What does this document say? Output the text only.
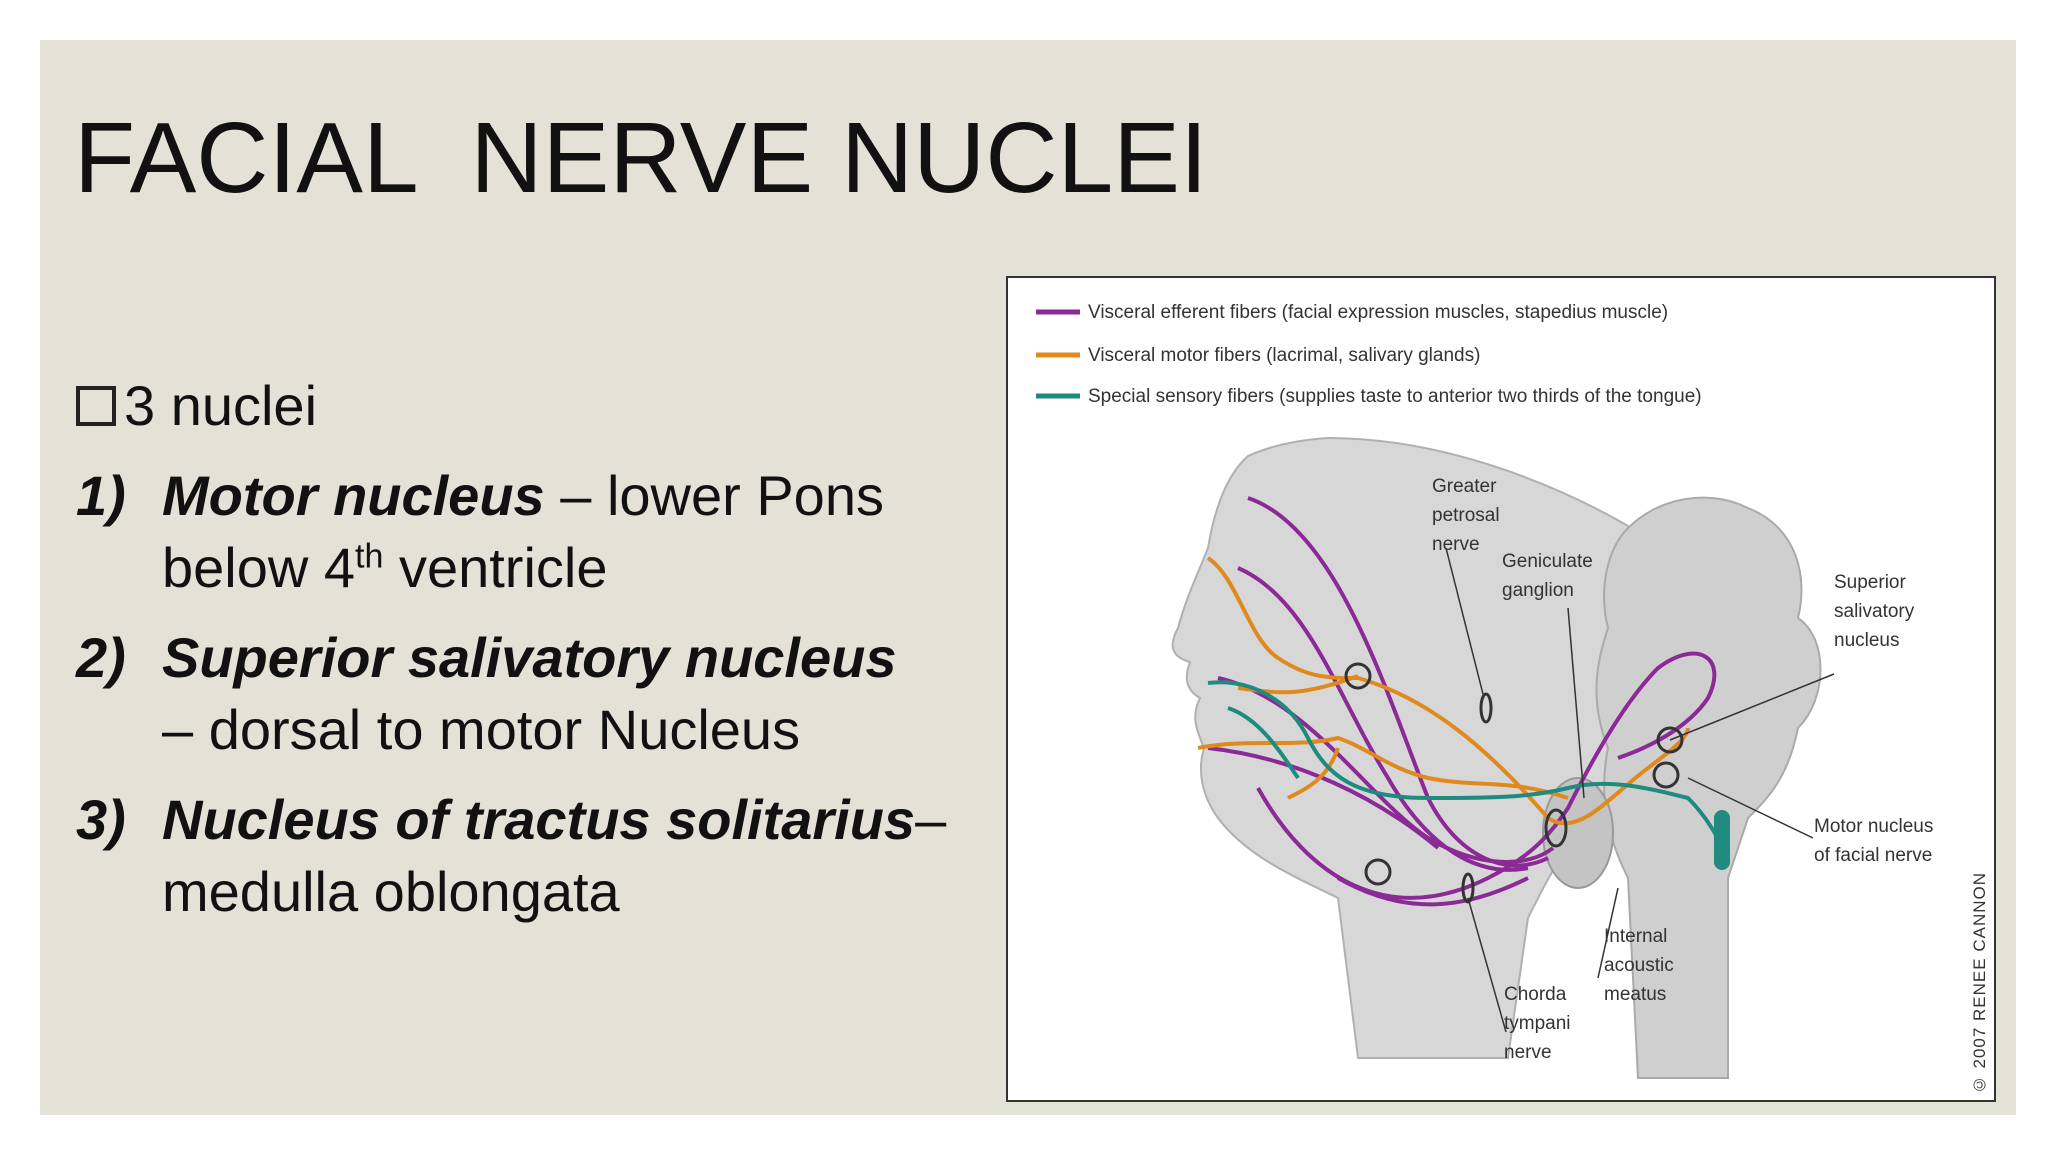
FACIAL  NERVE NUCLEI
3 nuclei
1) Motor nucleus – lower Pons below 4th ventricle
2) Superior salivatory nucleus
– dorsal to motor Nucleus
3) Nucleus of tractus solitarius– medulla oblongata
Visceral efferent fibers (facial expression muscles, stapedius muscle)
Visceral motor fibers (lacrimal, salivary glands)
Special sensory fibers (supplies taste to anterior two thirds of the tongue)
Greater
petrosal
nerve
Geniculate
ganglion	Superior
salivatory
nucleus
Motor nucleus
of facial nerve
Internal
acoustic
meatus
Chorda
tympani
nerve	© 2007 RENEE CANNON
